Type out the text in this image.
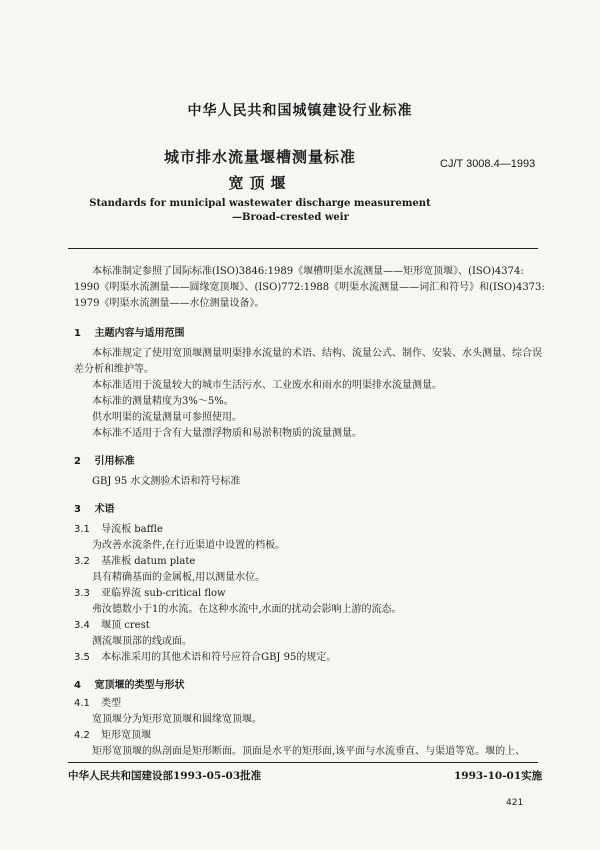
中华人民共和国城镇建设行业标准
城市排水流量堰槽测量标准
宽顶堰
CJ/T 3008.4—1993
Standards for municipal wastewater discharge measurement
—Broad-crested weir
本标准制定参照了国际标准(ISO)3846:1989《堰槽明渠水流测量——矩形宽顶堰》、(ISO)4374:
1990《明渠水流测量——圆缘宽顶堰》、(ISO)772:1988《明渠水流测量——词汇和符号》和(ISO)4373:
1979《明渠水流测量——水位测量设备》。
1 主题内容与适用范围
本标准规定了使用宽顶堰测量明渠排水流量的术语、结构、流量公式、制作、安装、水头测量、综合误
差分析和维护等。
本标准适用于流量较大的城市生活污水、工业废水和雨水的明渠排水流量测量。
本标准的测量精度为3%～5%。
供水明渠的流量测量可参照使用。
本标准不适用于含有大量漂浮物质和易淤积物质的流量测量。
2 引用标准
GBJ 95 水文测验术语和符号标准
3 术语
3.1 导流板 baffle
为改善水流条件,在行近渠道中设置的档板。
3.2 基准板 datum plate
具有精确基面的金属板,用以测量水位。
3.3 亚临界流 sub-critical flow
弗汝德数小于1的水流。在这种水流中,水面的扰动会影响上游的流态。
3.4 堰顶 crest
测流堰顶部的线或面。
3.5 本标准采用的其他术语和符号应符合GBJ 95的规定。
4 宽顶堰的类型与形状
4.1 类型
宽顶堰分为矩形宽顶堰和圆缘宽顶堰。
4.2 矩形宽顶堰
矩形宽顶堰的纵剖面是矩形断面。顶面是水平的矩形面,该平面与水流垂直、与渠道等宽。堰的上、
中华人民共和国建设部1993-05-03批准	1993-10-01实施
421
